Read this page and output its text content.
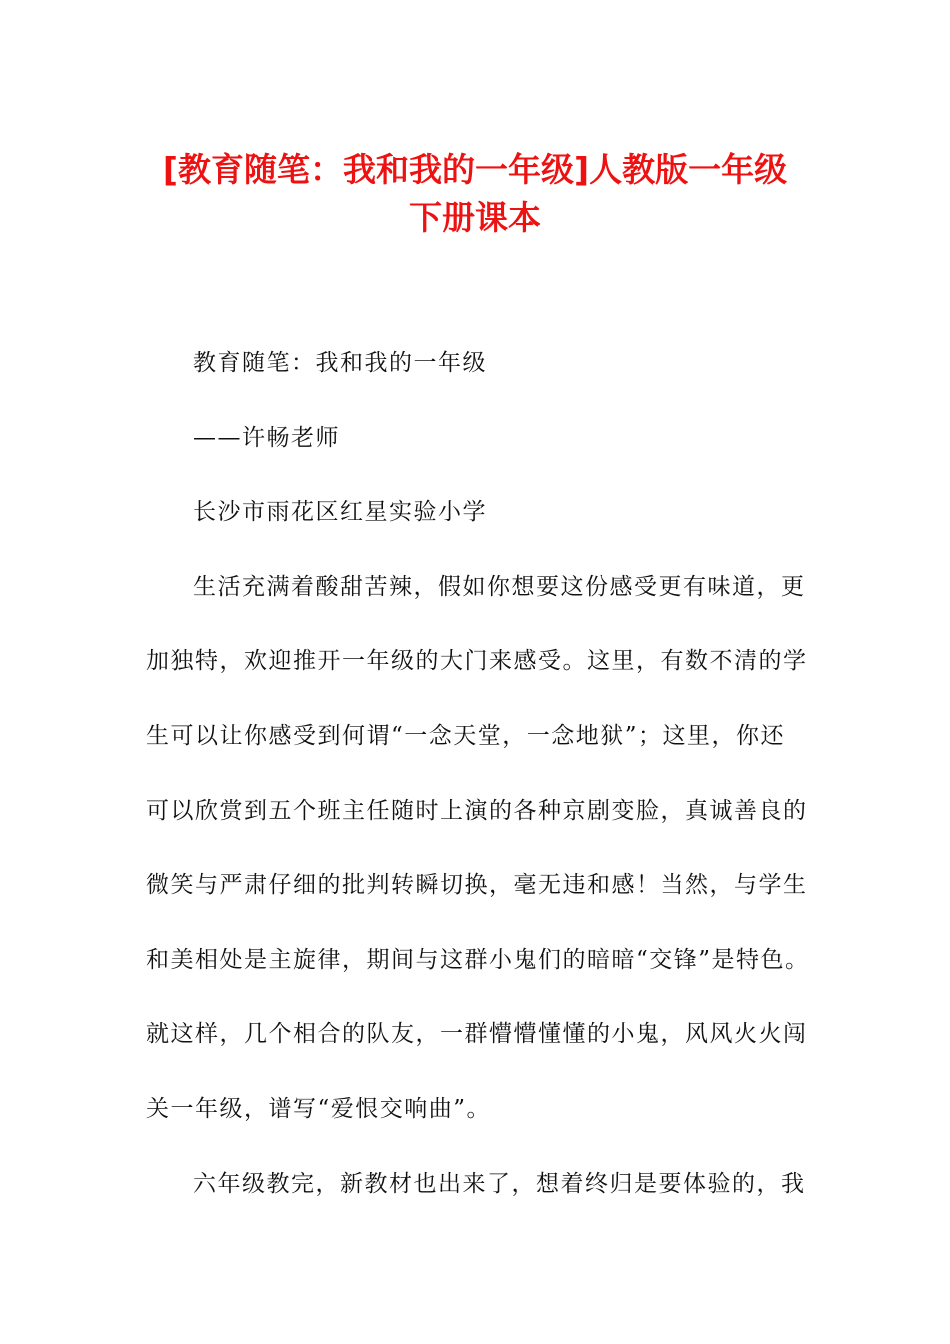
[教育随笔：我和我的一年级]人教版一年级
下册课本
教育随笔：我和我的一年级
——许畅老师
长沙市雨花区红星实验小学
生活充满着酸甜苦辣，假如你想要这份感受更有味道，更
加独特，欢迎推开一年级的大门来感受。这里，有数不清的学
生可以让你感受到何谓“一念天堂，一念地狱”；这里，你还
可以欣赏到五个班主任随时上演的各种京剧变脸，真诚善良的
微笑与严肃仔细的批判转瞬切换，毫无违和感！当然，与学生
和美相处是主旋律，期间与这群小鬼们的暗暗“交锋”是特色。
就这样，几个相合的队友，一群懵懵懂懂的小鬼，风风火火闯
关一年级，谱写“爱恨交响曲”。
六年级教完，新教材也出来了，想着终归是要体验的，我
